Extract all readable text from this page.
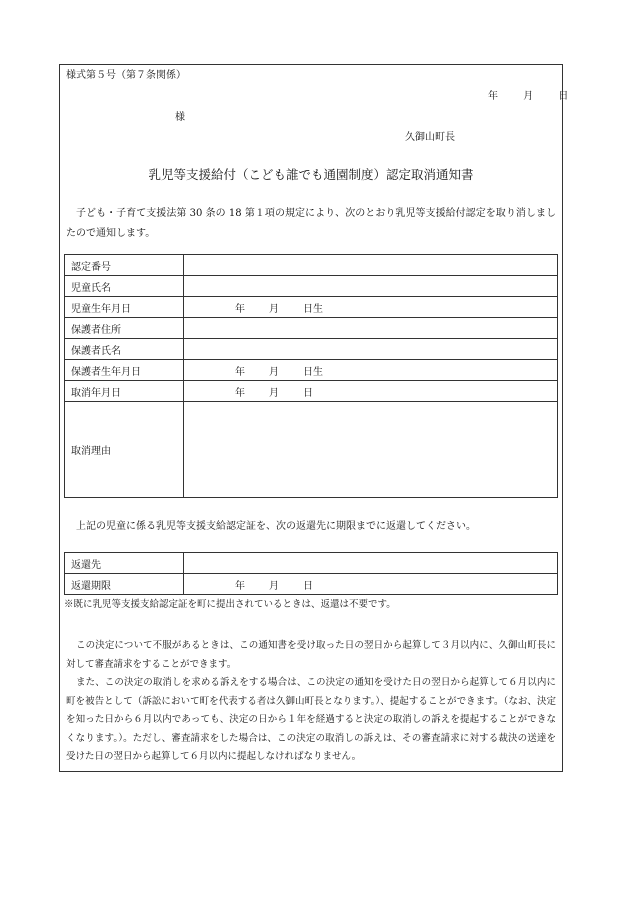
様式第５号（第７条関係）
年	月	日
様
久御山町長
乳児等支援給付（こども誰でも通園制度）認定取消通知書
子ども・子育て支援法第 30 条の 18 第１項の規定により、次のとおり乳児等支援給付認定を取り消しましたので通知します。
認定番号	
児童氏名	
児童生年月日	年 月 日生
保護者住所	
保護者氏名	
保護者生年月日	年 月 日生
取消年月日	年 月 日
取消理由	
上記の児童に係る乳児等支援支給認定証を、次の返還先に期限までに返還してください。
返還先	
返還期限	年 月 日
※既に乳児等支援支給認定証を町に提出されているときは、返還は不要です。
この決定について不服があるときは、この通知書を受け取った日の翌日から起算して３月以内に、久御山町長に対して審査請求をすることができます。
また、この決定の取消しを求める訴えをする場合は、この決定の通知を受けた日の翌日から起算して６月以内に町を被告として（訴訟において町を代表する者は久御山町長となります。）、提起することができます。（なお、決定を知った日から６月以内であっても、決定の日から１年を経過すると決定の取消しの訴えを提起することができなくなります。）。ただし、審査請求をした場合は、この決定の取消しの訴えは、その審査請求に対する裁決の送達を受けた日の翌日から起算して６月以内に提起しなければなりません。
